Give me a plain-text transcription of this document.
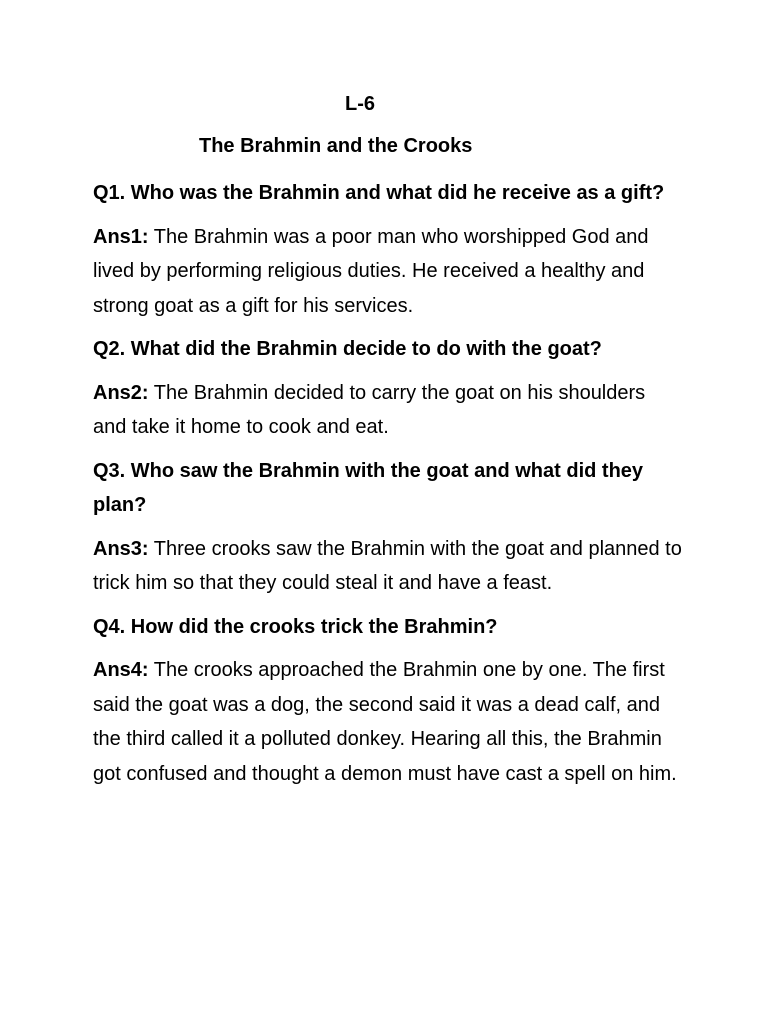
L-6
The Brahmin and the Crooks
Q1. Who was the Brahmin and what did he receive as a gift?
Ans1: The Brahmin was a poor man who worshipped God and lived by performing religious duties. He received a healthy and strong goat as a gift for his services.
Q2. What did the Brahmin decide to do with the goat?
Ans2: The Brahmin decided to carry the goat on his shoulders and take it home to cook and eat.
Q3. Who saw the Brahmin with the goat and what did they plan?
Ans3: Three crooks saw the Brahmin with the goat and planned to trick him so that they could steal it and have a feast.
Q4. How did the crooks trick the Brahmin?
Ans4: The crooks approached the Brahmin one by one. The first said the goat was a dog, the second said it was a dead calf, and the third called it a polluted donkey. Hearing all this, the Brahmin got confused and thought a demon must have cast a spell on him.
